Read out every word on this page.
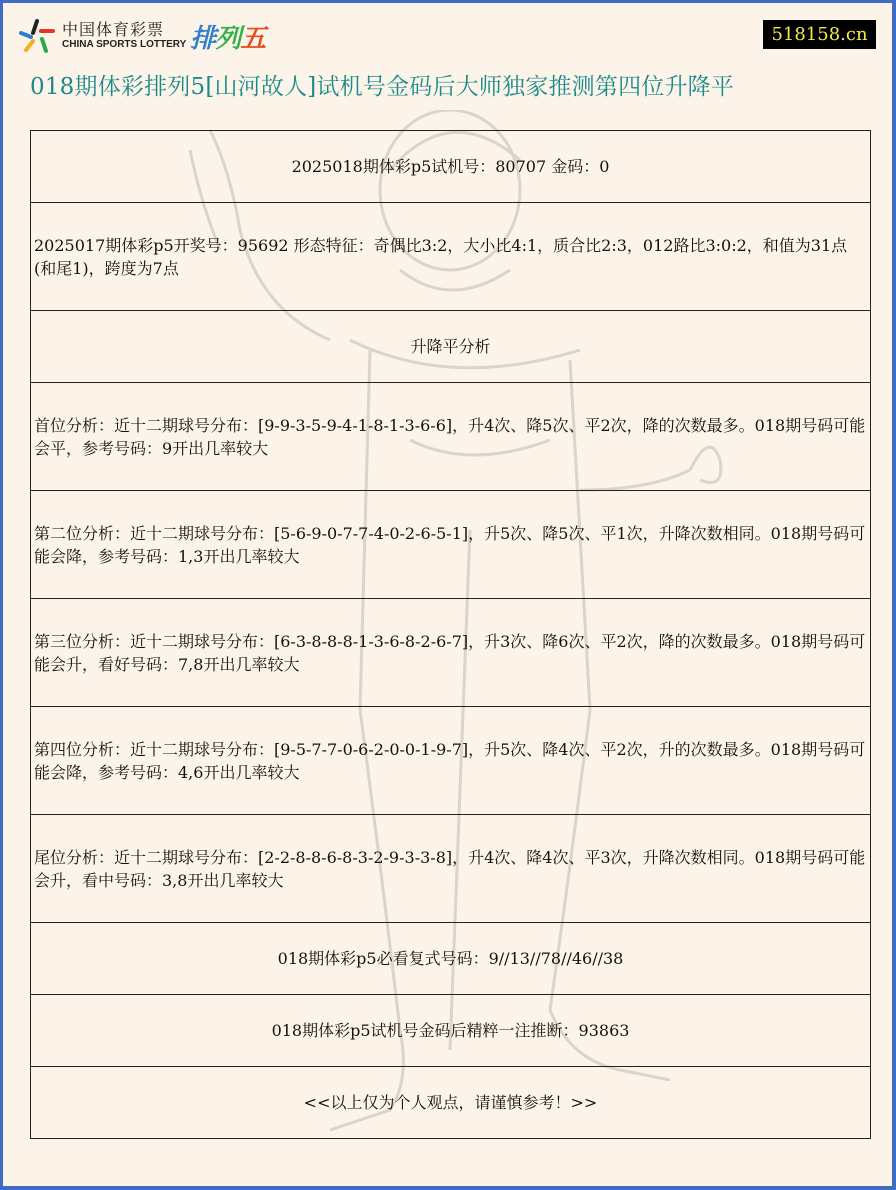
中国体育彩票
CHINA SPORTS LOTTERY 排列五	518158.cn
018期体彩排列5[山河故人]试机号金码后大师独家推测第四位升降平
2025018期体彩p5试机号：80707 金码：0
2025017期体彩p5开奖号：95692 形态特征：奇偶比3:2，大小比4:1，质合比2:3，012路比3:0:2，和值为31点(和尾1)，跨度为7点
升降平分析
首位分析：近十二期球号分布：[9-9-3-5-9-4-1-8-1-3-6-6]，升4次、降5次、平2次，降的次数最多。018期号码可能会平，参考号码：9开出几率较大
第二位分析：近十二期球号分布：[5-6-9-0-7-7-4-0-2-6-5-1]，升5次、降5次、平1次，升降次数相同。018期号码可能会降，参考号码：1,3开出几率较大
第三位分析：近十二期球号分布：[6-3-8-8-8-1-3-6-8-2-6-7]，升3次、降6次、平2次，降的次数最多。018期号码可能会升，看好号码：7,8开出几率较大
第四位分析：近十二期球号分布：[9-5-7-7-0-6-2-0-0-1-9-7]，升5次、降4次、平2次，升的次数最多。018期号码可能会降，参考号码：4,6开出几率较大
尾位分析：近十二期球号分布：[2-2-8-8-6-8-3-2-9-3-3-8]，升4次、降4次、平3次，升降次数相同。018期号码可能会升，看中号码：3,8开出几率较大
018期体彩p5必看复式号码：9//13//78//46//38
018期体彩p5试机号金码后精粹一注推断：93863
<<以上仅为个人观点，请谨慎参考！>>
